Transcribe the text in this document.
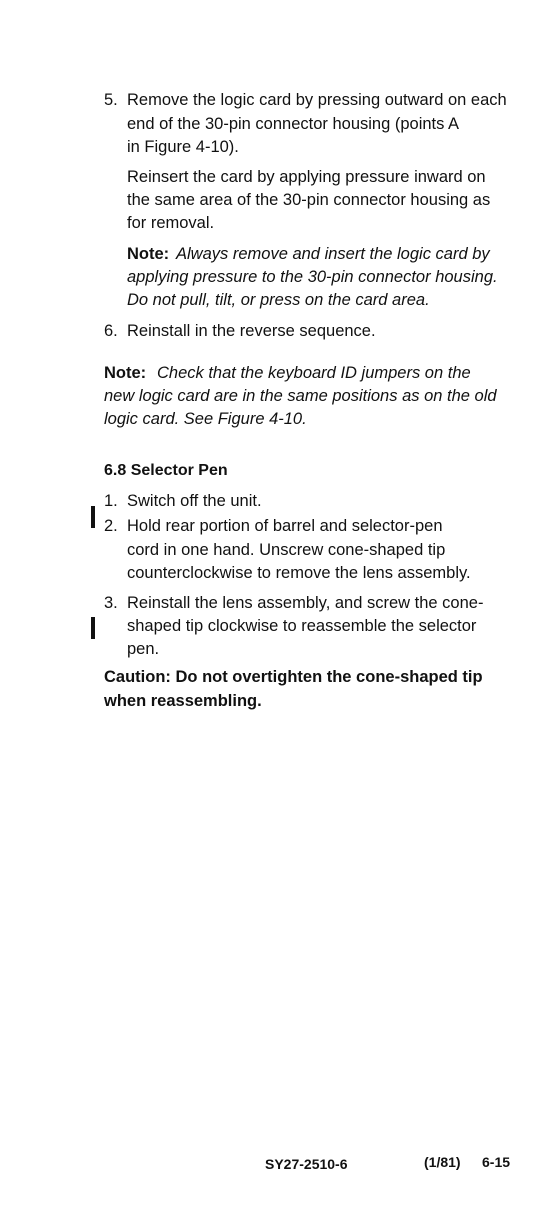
5. Remove the logic card by pressing outward on each
end of the 30-pin connector housing (points A
in Figure 4-10).
Reinsert the card by applying pressure inward on
the same area of the 30-pin connector housing as
for removal.
Note: Always remove and insert the logic card by
applying pressure to the 30-pin connector housing.
Do not pull, tilt, or press on the card area.
6. Reinstall in the reverse sequence.
Note: Check that the keyboard ID jumpers on the
new logic card are in the same positions as on the old
logic card. See Figure 4-10.
6.8 Selector Pen
1. Switch off the unit.
2. Hold rear portion of barrel and selector-pen
cord in one hand. Unscrew cone-shaped tip
counterclockwise to remove the lens assembly.
3. Reinstall the lens assembly, and screw the cone-
shaped tip clockwise to reassemble the selector
pen.
Caution: Do not overtighten the cone-shaped tip
when reassembling.
SY27-2510-6	(1/81) 6-15
